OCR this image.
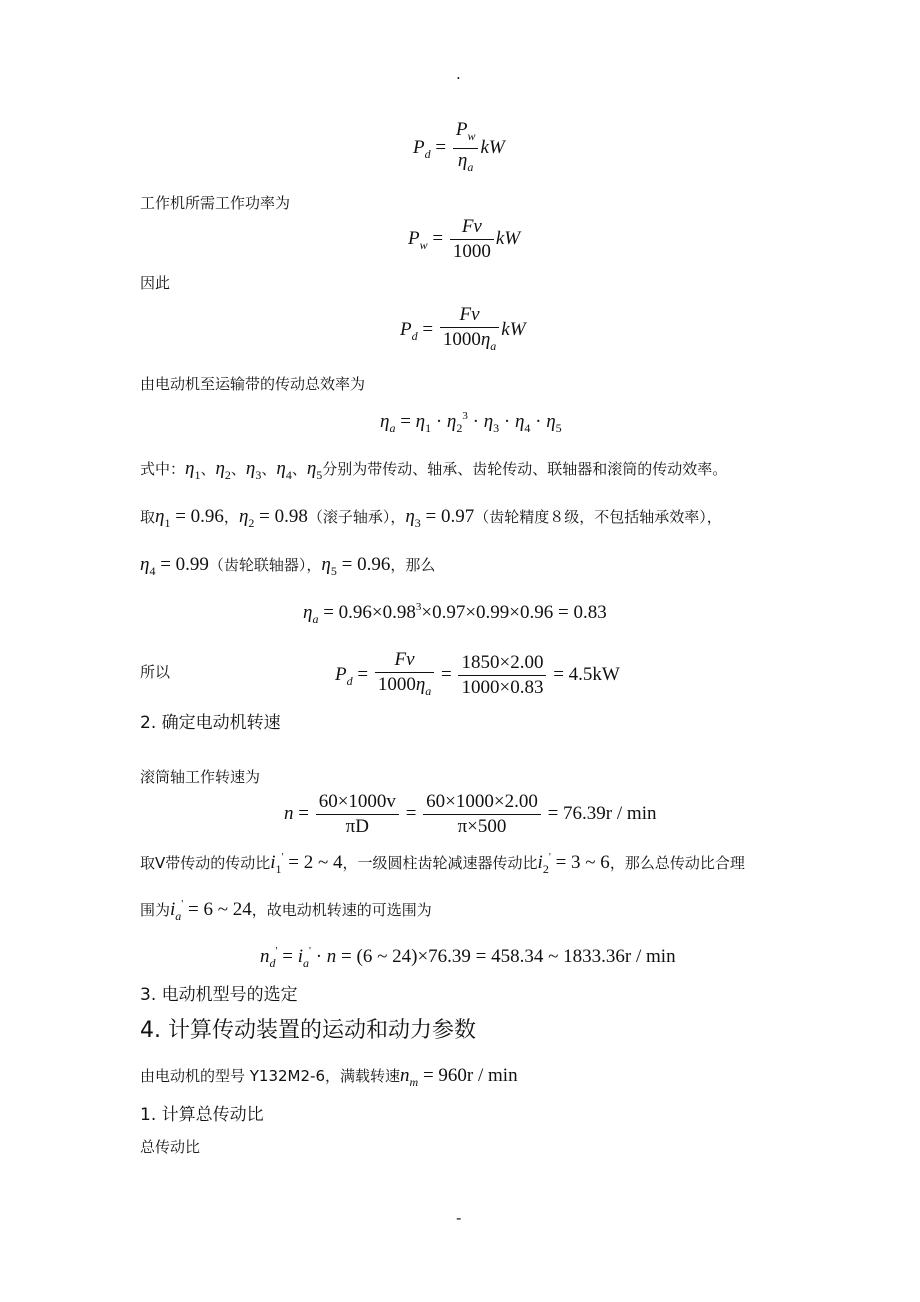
.
$P_d = \frac{P_w}{\eta_a}$ kW
工作机所需工作功率为
$P_w = \frac{Fv}{1000}$ kW
因此
$P_d = \frac{Fv}{1000\eta_a}$ kW
由电动机至运输带的传动总效率为
$\eta_a = \eta_1 \cdot \eta_2^3 \cdot \eta_3 \cdot \eta_4 \cdot \eta_5$
式中：$\eta_1$、$\eta_2$、$\eta_3$、$\eta_4$、$\eta_5$分别为带传动、轴承、齿轮传动、联轴器和滚筒的传动效率。
取$\eta_1 = 0.96$，$\eta_2 = 0.98$（滚子轴承），$\eta_3 = 0.97$（齿轮精度８级，不包括轴承效率），
$\eta_4 = 0.99$（齿轮联轴器），$\eta_5 = 0.96$，那么
$\eta_a = 0.96\times 0.98^3\times 0.97\times 0.99\times 0.96 = 0.83$
所以	$P_d = \frac{Fv}{1000\eta_a} = \frac{1850\times 2.00}{1000\times 0.83} = 4.5kW$
2. 确定电动机转速
滚筒轴工作转速为
$n = \frac{60\times 1000v}{\pi D} = \frac{60\times 1000\times 2.00}{\pi\times 500} = 76.39r / \min$
取V带传动的传动比$i_1' = 2$ ~ 4，一级圆柱齿轮减速器传动比$i_2' = 3$ ~ 6，那么总传动比合理
围为$i_a' = 6$ ~ 24，故电动机转速的可选围为
$n_d' = i_a' \cdot n = (6$ ~ 24)×76.39 = 458.34 ~ 1833.36r / min
3. 电动机型号的选定
4. 计算传动装置的运动和动力参数
由电动机的型号 Y132M2-6，满载转速$n_m = 960r / \min$
1. 计算总传动比
总传动比
-
